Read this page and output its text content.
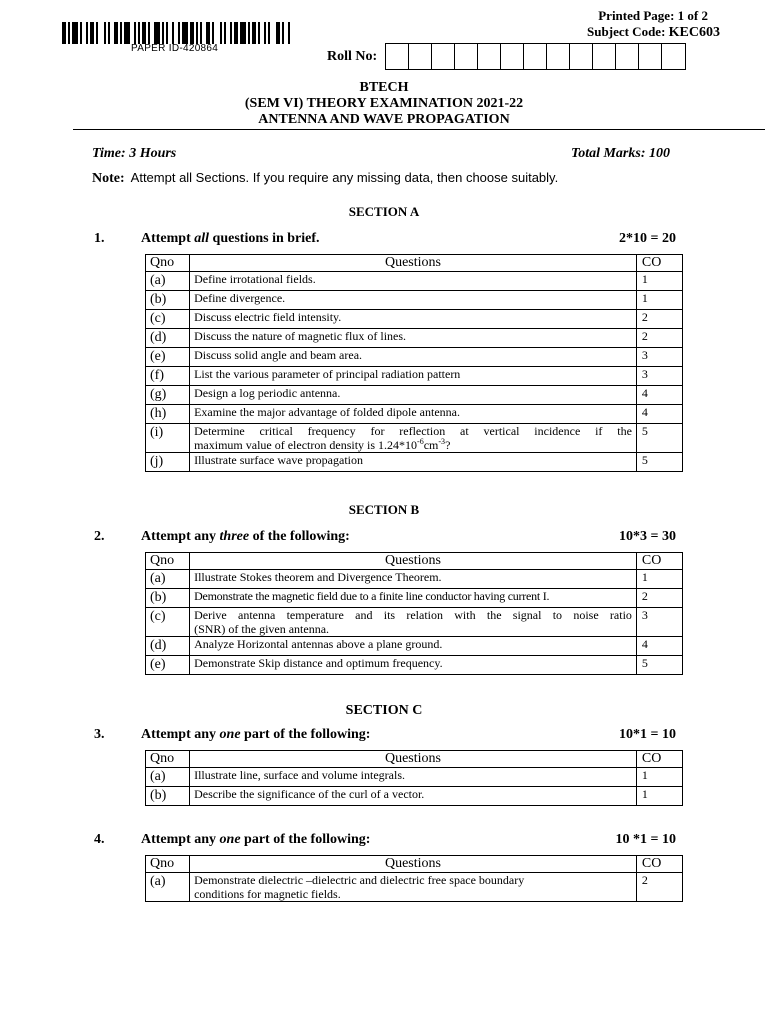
PAPER ID-420864
Printed Page: 1 of 2
Subject Code: KEC603
Roll No:
BTECH
(SEM VI) THEORY EXAMINATION 2021-22
ANTENNA AND WAVE PROPAGATION
Time: 3 Hours	Total Marks: 100
Note: Attempt all Sections. If you require any missing data, then choose suitably.
SECTION A
1.	Attempt all questions in brief.	2*10 = 20
Qno	Questions	CO
(a)	Define irrotational fields.	1
(b)	Define divergence.	1
(c)	Discuss electric field intensity.	2
(d)	Discuss the nature of magnetic flux of lines.	2
(e)	Discuss solid angle and beam area.	3
(f)	List the various parameter of principal radiation pattern	3
(g)	Design a log periodic antenna.	4
(h)	Examine the major advantage of folded dipole antenna.	4
(i)	Determine critical frequency for reflection at vertical incidence if the
maximum value of electron density is $1.24*10^{-6}cm^{-3}$?	5
(j)	Illustrate surface wave propagation	5
SECTION B
2.	Attempt any three of the following:	10*3 = 30
Qno	Questions	CO
(a)	Illustrate Stokes theorem and Divergence Theorem.	1
(b)	Demonstrate the magnetic field due to a finite line conductor having current I.	2
(c)	Derive antenna temperature and its relation with the signal to noise ratio
(SNR) of the given antenna.	3
(d)	Analyze Horizontal antennas above a plane ground.	4
(e)	Demonstrate Skip distance and optimum frequency.	5
SECTION C
3.	Attempt any one part of the following:	10*1 = 10
Qno	Questions	CO
(a)	Illustrate line, surface and volume integrals.	1
(b)	Describe the significance of the curl of a vector.	1
4.	Attempt any one part of the following:	10 *1 = 10
Qno	Questions	CO
(a)	Demonstrate dielectric –dielectric and dielectric free space boundary
conditions for magnetic fields.	2
